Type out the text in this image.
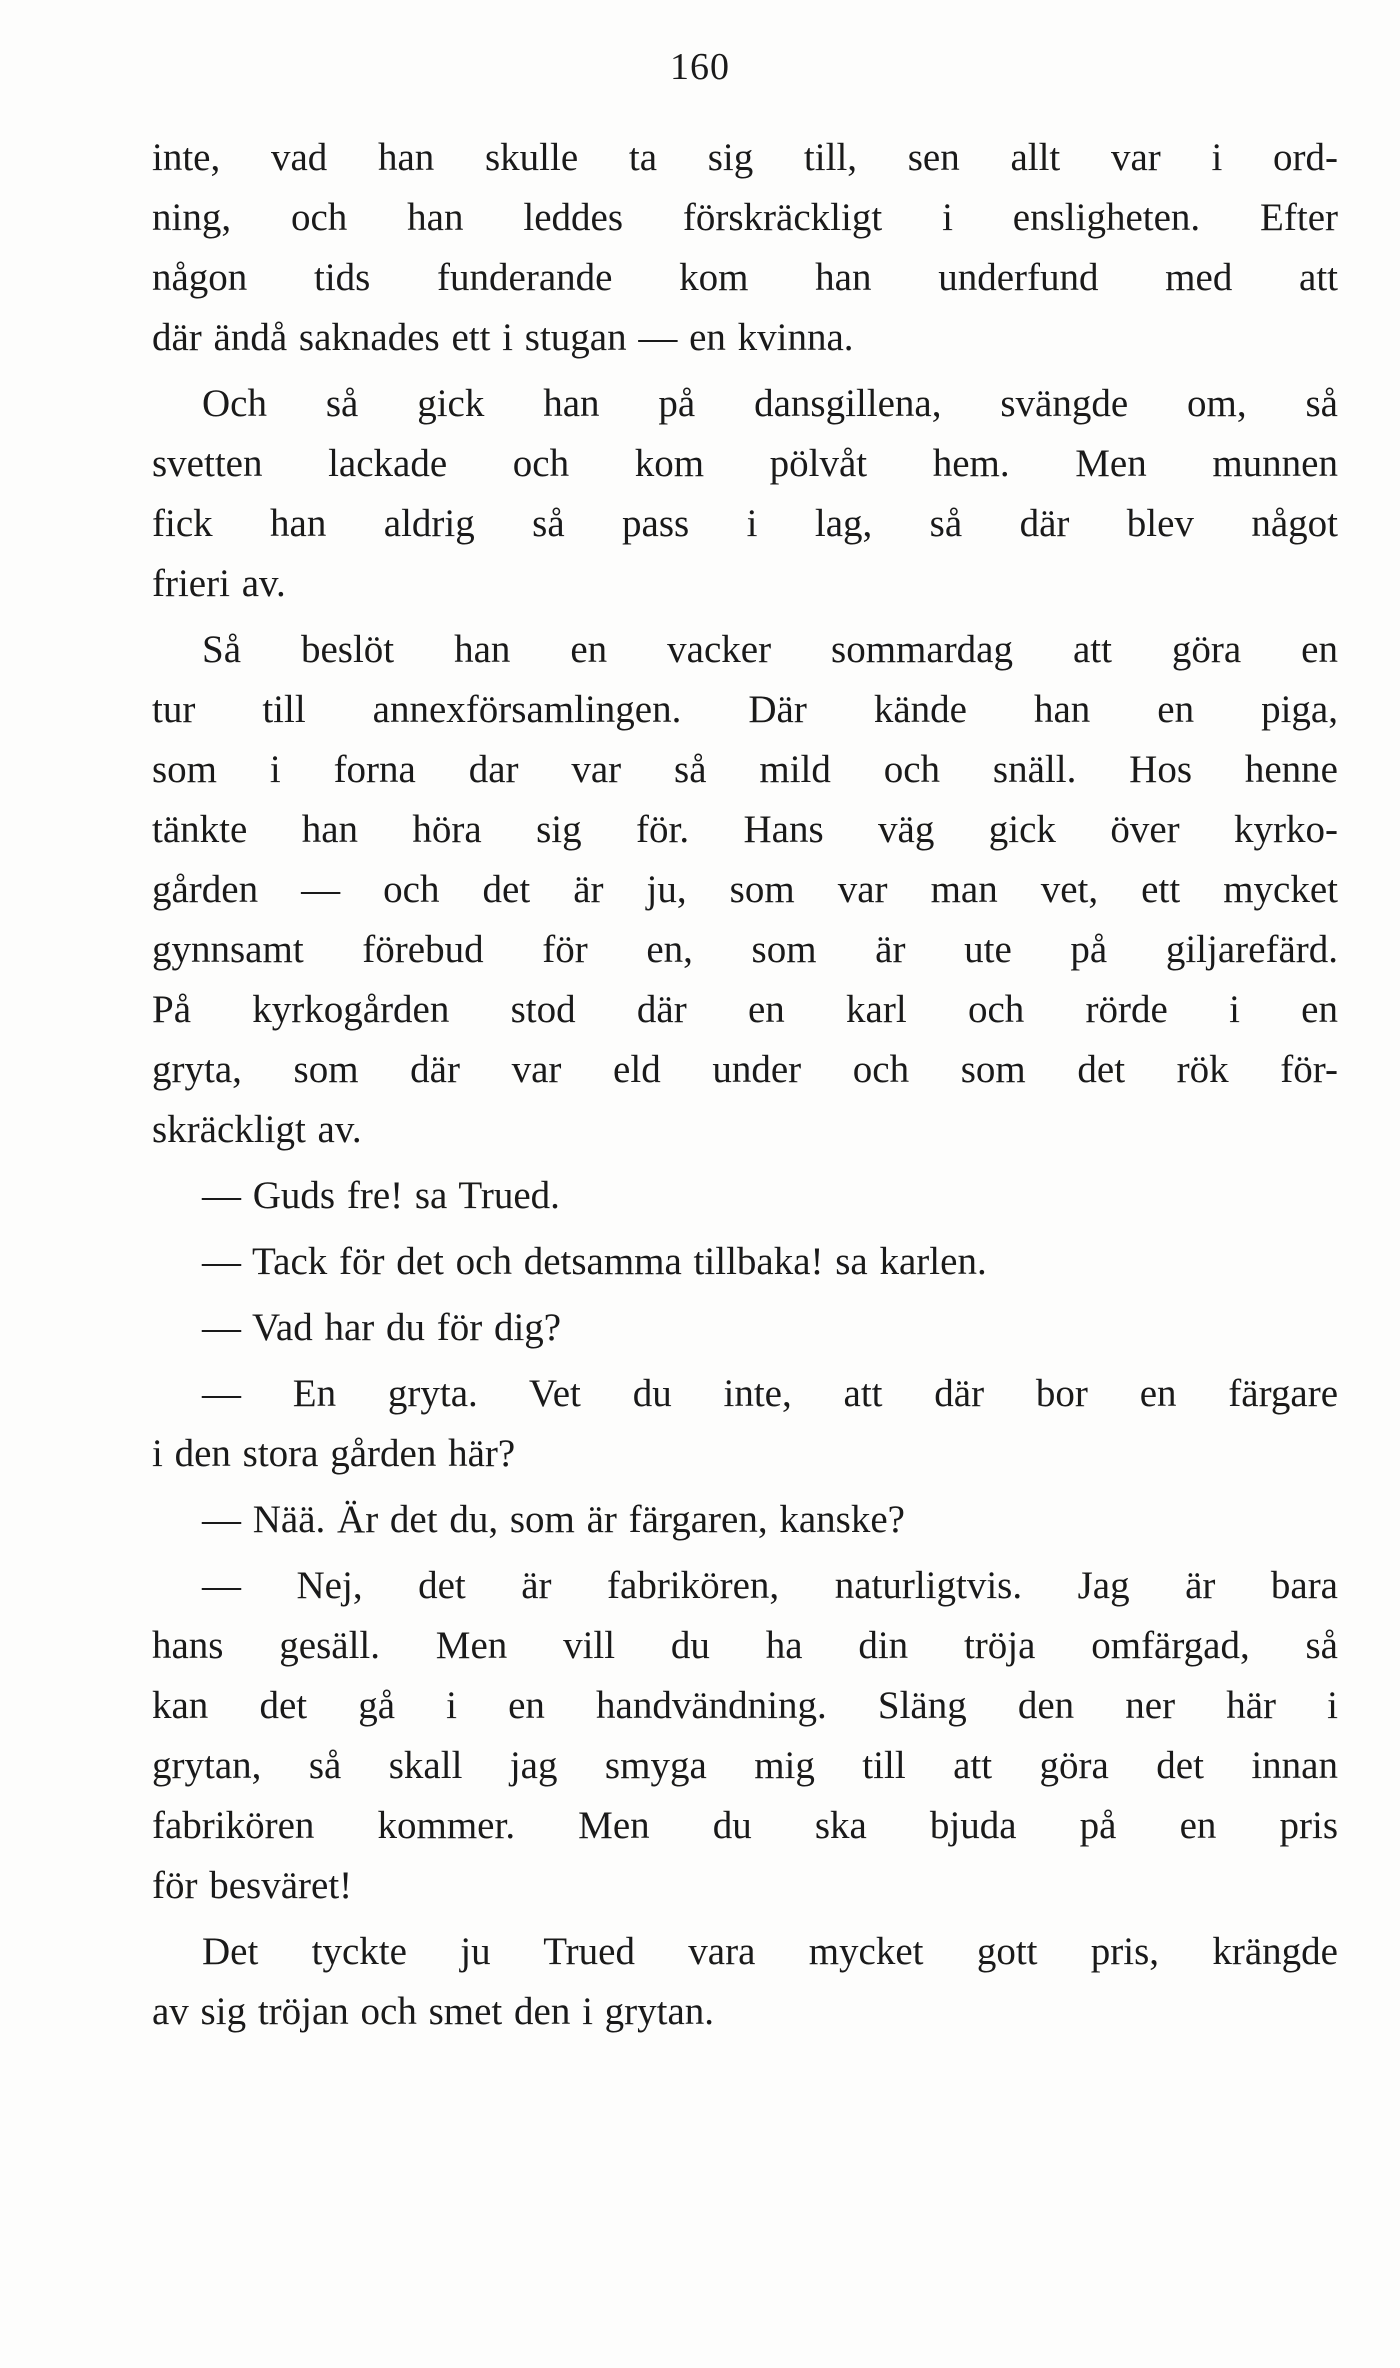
160
inte, vad han skulle ta sig till, sen allt var i ord-
ning, och han leddes förskräckligt i ensligheten. Efter
någon tids funderande kom han underfund med att
där ändå saknades ett i stugan — en kvinna.
Och så gick han på dansgillena, svängde om, så
svetten lackade och kom pölvåt hem. Men munnen
fick han aldrig så pass i lag, så där blev något
frieri av.
Så beslöt han en vacker sommardag att göra en
tur till annexförsamlingen. Där kände han en piga,
som i forna dar var så mild och snäll. Hos henne
tänkte han höra sig för. Hans väg gick över kyrko-
gården — och det är ju, som var man vet, ett mycket
gynnsamt förebud för en, som är ute på giljarefärd.
På kyrkogården stod där en karl och rörde i en
gryta, som där var eld under och som det rök för-
skräckligt av.
— Guds fre! sa Trued.
— Tack för det och detsamma tillbaka! sa karlen.
— Vad har du för dig?
— En gryta. Vet du inte, att där bor en färgare
i den stora gården här?
— Nää. Är det du, som är färgaren, kanske?
— Nej, det är fabrikören, naturligtvis. Jag är bara
hans gesäll. Men vill du ha din tröja omfärgad, så
kan det gå i en handvändning. Släng den ner här i
grytan, så skall jag smyga mig till att göra det innan
fabrikören kommer. Men du ska bjuda på en pris
för besväret!
Det tyckte ju Trued vara mycket gott pris, krängde
av sig tröjan och smet den i grytan.
